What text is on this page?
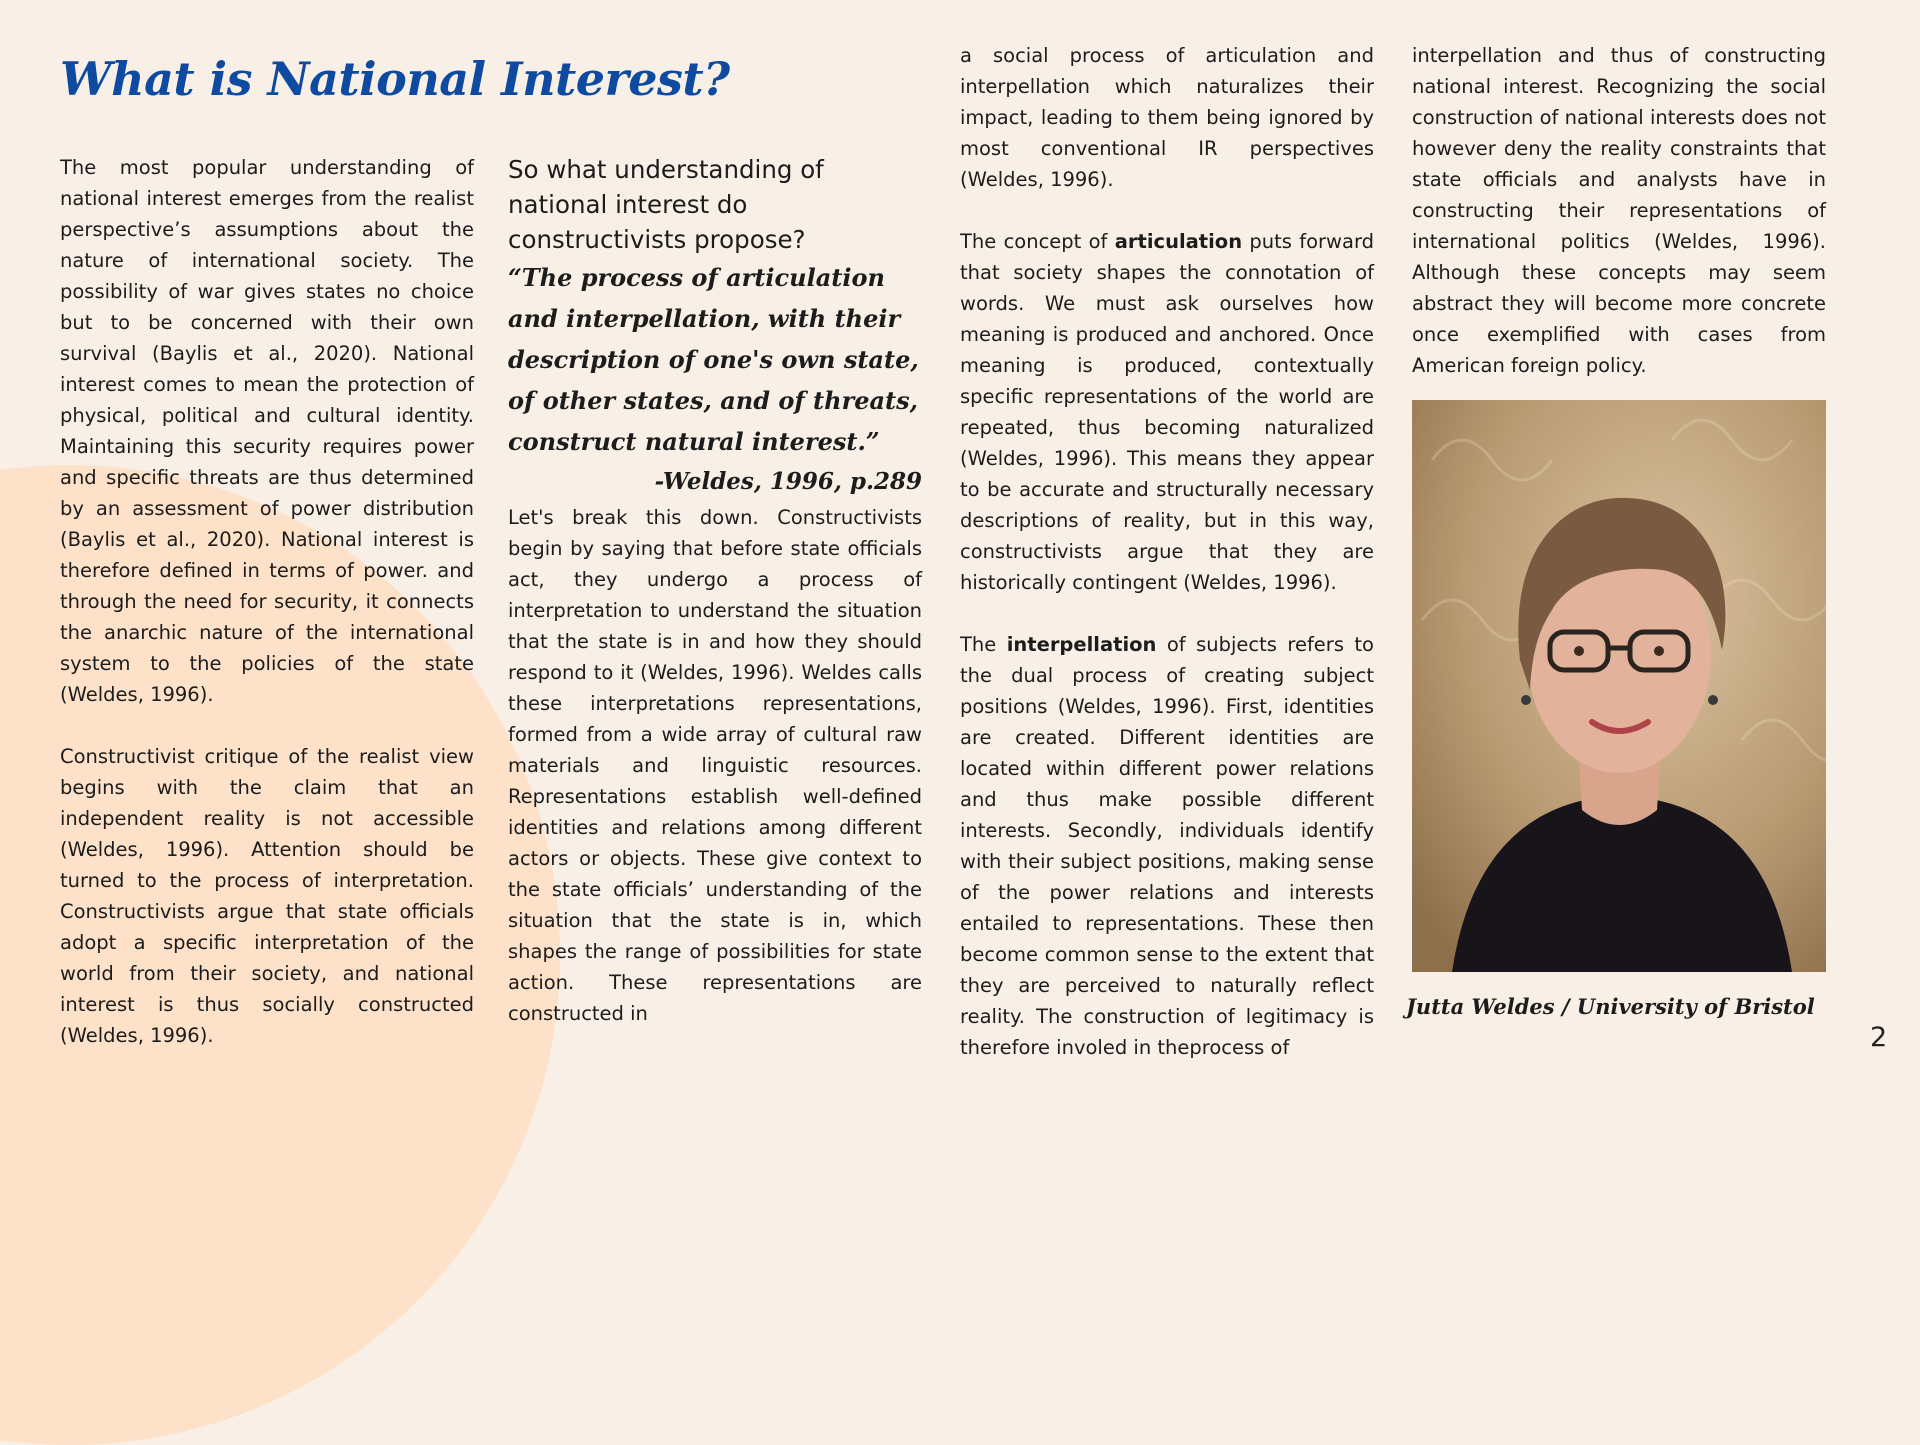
What is National Interest?

The most popular understanding of national interest emerges from the realist perspective’s assumptions about the nature of international society. The possibility of war gives states no choice but to be concerned with their own survival (Baylis et al., 2020). National interest comes to mean the protection of physical, political and cultural identity. Maintaining this security requires power and specific threats are thus determined by an assessment of power distribution (Baylis et al., 2020). National interest is therefore defined in terms of power. and through the need for security, it connects the anarchic nature of the international system to the policies of the state (Weldes, 1996).

Constructivist critique of the realist view begins with the claim that an independent reality is not accessible (Weldes, 1996). Attention should be turned to the process of interpretation. Constructivists argue that state officials adopt a specific interpretation of the world from their society, and national interest is thus socially constructed (Weldes, 1996).

So what understanding of national interest do constructivists propose?

“The process of articulation and interpellation, with their description of one's own state, of other states, and of threats, construct natural interest.”

-Weldes, 1996, p.289

Let's break this down. Constructivists begin by saying that before state officials act, they undergo a process of interpretation to understand the situation that the state is in and how they should respond to it (Weldes, 1996). Weldes calls these interpretations representations, formed from a wide array of cultural raw materials and linguistic resources. Representations establish well-defined identities and relations among different actors or objects. These give context to the state officials’ understanding of the situation that the state is in, which shapes the range of possibilities for state action. These representations are constructed in

a social process of articulation and interpellation which naturalizes their impact, leading to them being ignored by most conventional IR perspectives (Weldes, 1996).

The concept of articulation puts forward that society shapes the connotation of words. We must ask ourselves how meaning is produced and anchored. Once meaning is produced, contextually specific representations of the world are repeated, thus becoming naturalized (Weldes, 1996). This means they appear to be accurate and structurally necessary descriptions of reality, but in this way, constructivists argue that they are historically contingent (Weldes, 1996).

The interpellation of subjects refers to the dual process of creating subject positions (Weldes, 1996). First, identities are created. Different identities are located within different power relations and thus make possible different interests. Secondly, individuals identify with their subject positions, making sense of the power relations and interests entailed to representations. These then become common sense to the extent that they are perceived to naturally reflect reality. The construction of legitimacy is therefore involed in theprocess of

interpellation and thus of constructing national interest. Recognizing the social construction of national interests does not however deny the reality constraints that state officials and analysts have in constructing their representations of international politics (Weldes, 1996). Although these concepts may seem abstract they will become more concrete once exemplified with cases from American foreign policy.

Jutta Weldes / University of Bristol
2
